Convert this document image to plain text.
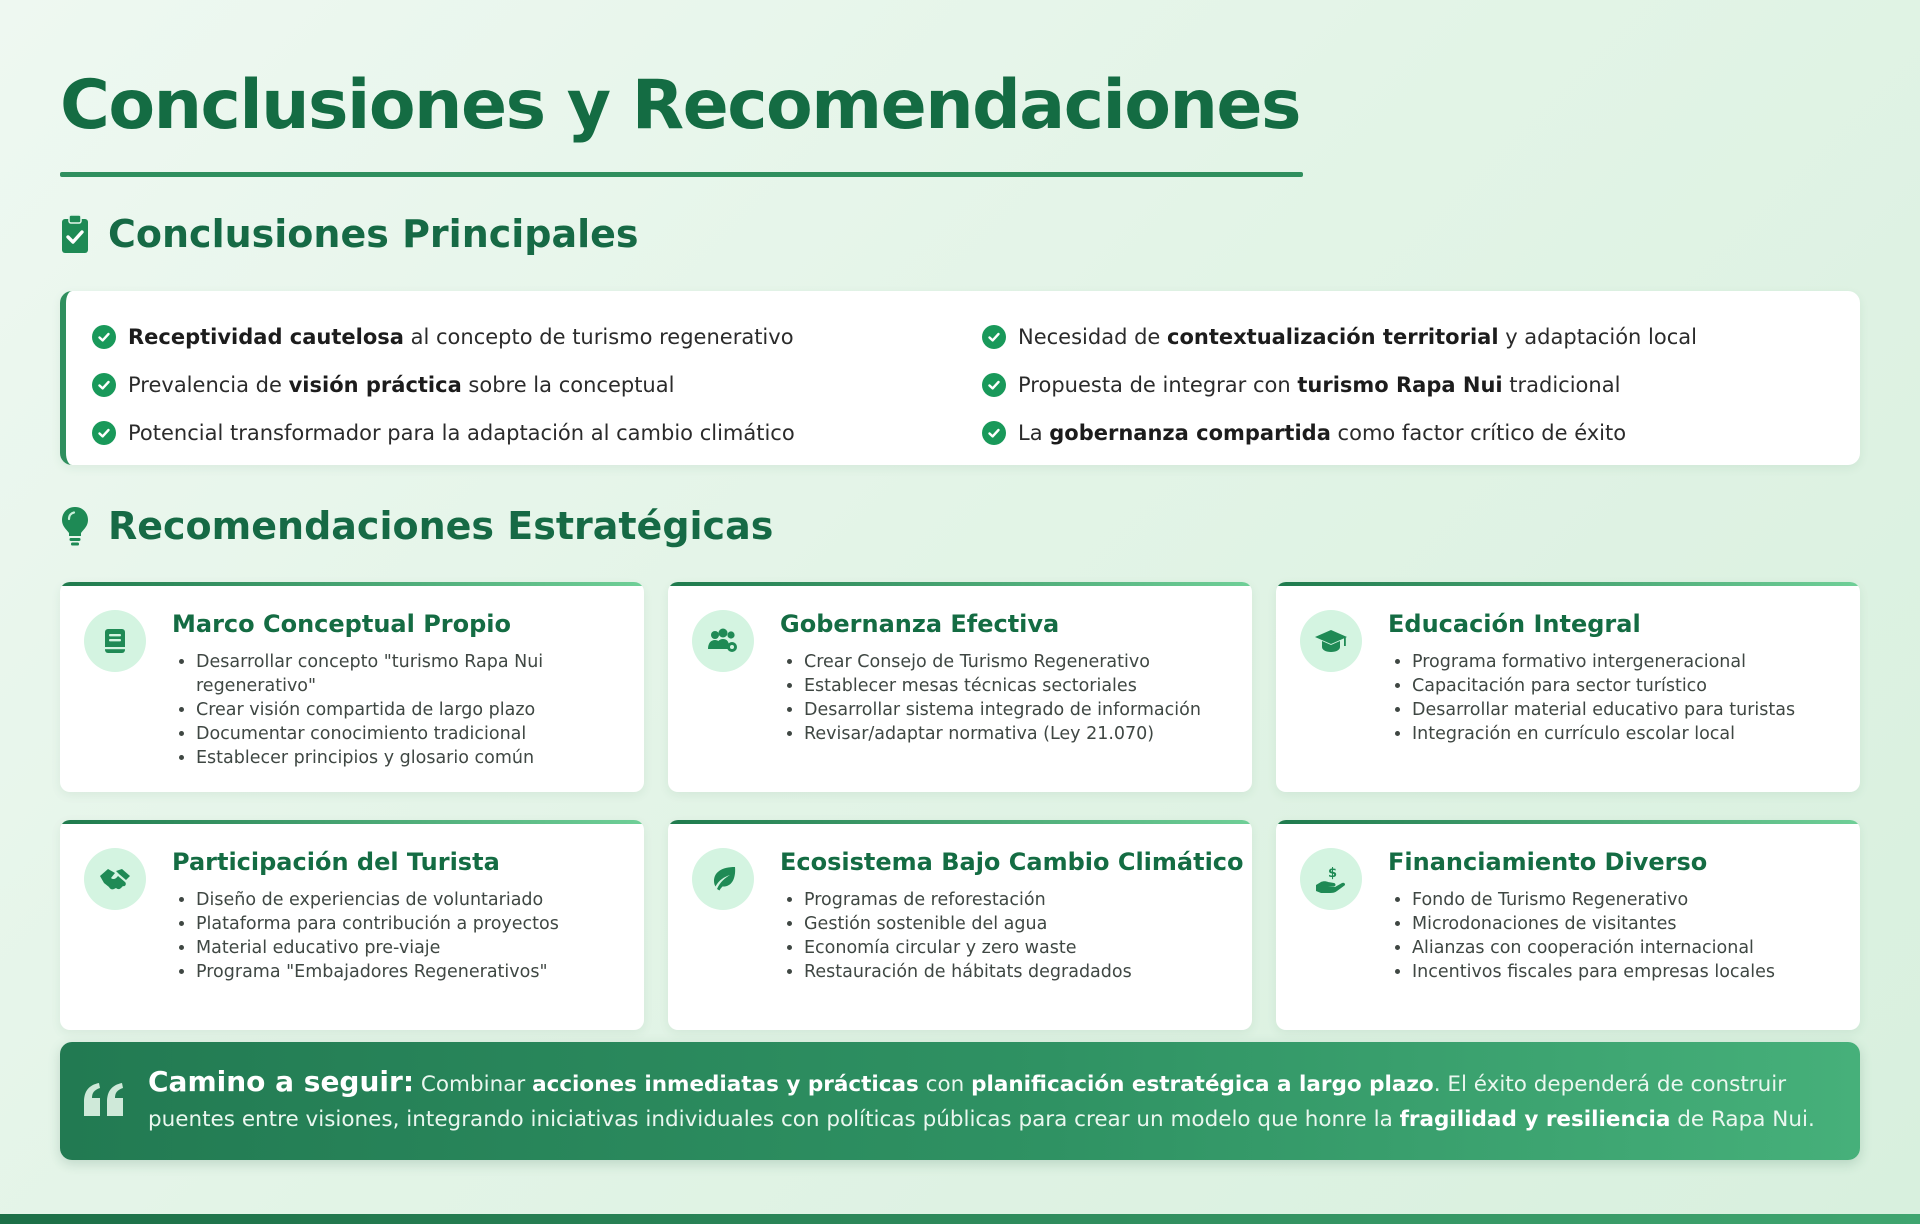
Conclusiones y Recomendaciones
Conclusiones Principales
Receptividad cautelosa al concepto de turismo regenerativo
Prevalencia de visión práctica sobre la conceptual
Potencial transformador para la adaptación al cambio climático
Necesidad de contextualización territorial y adaptación local
Propuesta de integrar con turismo Rapa Nui tradicional
La gobernanza compartida como factor crítico de éxito
Recomendaciones Estratégicas
Marco Conceptual Propio
• Desarrollar concepto "turismo Rapa Nui regenerativo"
• Crear visión compartida de largo plazo
• Documentar conocimiento tradicional
• Establecer principios y glosario común
Gobernanza Efectiva
• Crear Consejo de Turismo Regenerativo
• Establecer mesas técnicas sectoriales
• Desarrollar sistema integrado de información
• Revisar/adaptar normativa (Ley 21.070)
Educación Integral
• Programa formativo intergeneracional
• Capacitación para sector turístico
• Desarrollar material educativo para turistas
• Integración en currículo escolar local
Participación del Turista
• Diseño de experiencias de voluntariado
• Plataforma para contribución a proyectos
• Material educativo pre-viaje
• Programa "Embajadores Regenerativos"
Ecosistema Bajo Cambio Climático
• Programas de reforestación
• Gestión sostenible del agua
• Economía circular y zero waste
• Restauración de hábitats degradados
$ Financiamiento Diverso
• Fondo de Turismo Regenerativo
• Microdonaciones de visitantes
• Alianzas con cooperación internacional
• Incentivos fiscales para empresas locales

Camino a seguir: Combinar acciones inmediatas y prácticas con planificación estratégica a largo plazo. El éxito dependerá de construir puentes entre visiones, integrando iniciativas individuales con políticas públicas para crear un modelo que honre la fragilidad y resiliencia de Rapa Nui.
